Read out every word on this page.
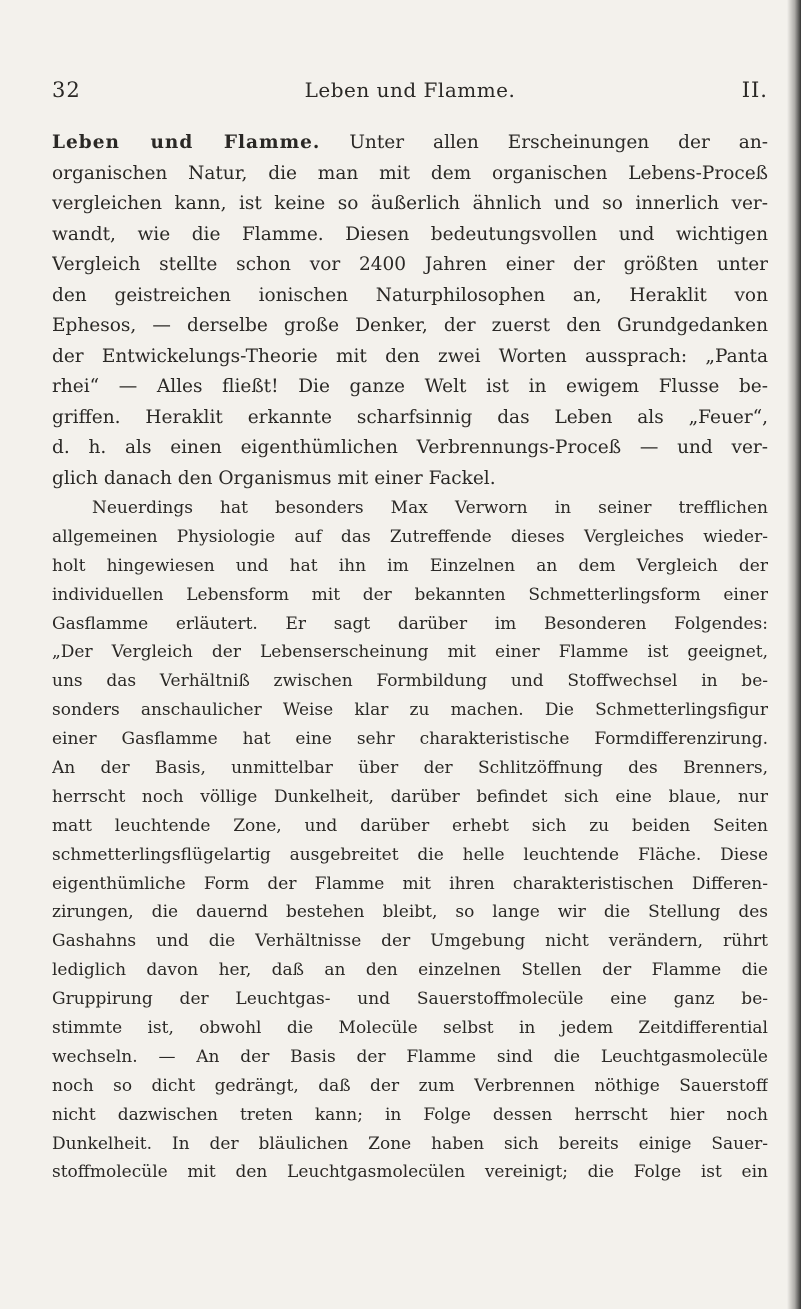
32	Leben und Flamme.	II.
Leben und Flamme. Unter allen Erscheinungen der an-
organischen Natur, die man mit dem organischen Lebens-Proceß
vergleichen kann, ist keine so äußerlich ähnlich und so innerlich ver-
wandt, wie die Flamme. Diesen bedeutungsvollen und wichtigen
Vergleich stellte schon vor 2400 Jahren einer der größten unter
den geistreichen ionischen Naturphilosophen an, Heraklit von
Ephesos, — derselbe große Denker, der zuerst den Grundgedanken
der Entwickelungs-Theorie mit den zwei Worten aussprach: „Panta
rhei“ — Alles fließt! Die ganze Welt ist in ewigem Flusse be-
griffen. Heraklit erkannte scharfsinnig das Leben als „Feuer“,
d. h. als einen eigenthümlichen Verbrennungs-Proceß — und ver-
glich danach den Organismus mit einer Fackel.
Neuerdings hat besonders Max Verworn in seiner trefflichen
allgemeinen Physiologie auf das Zutreffende dieses Vergleiches wieder-
holt hingewiesen und hat ihn im Einzelnen an dem Vergleich der
individuellen Lebensform mit der bekannten Schmetterlingsform einer
Gasflamme erläutert. Er sagt darüber im Besonderen Folgendes:
„Der Vergleich der Lebenserscheinung mit einer Flamme ist geeignet,
uns das Verhältniß zwischen Formbildung und Stoffwechsel in be-
sonders anschaulicher Weise klar zu machen. Die Schmetterlingsfigur
einer Gasflamme hat eine sehr charakteristische Formdifferenzirung.
An der Basis, unmittelbar über der Schlitzöffnung des Brenners,
herrscht noch völlige Dunkelheit, darüber befindet sich eine blaue, nur
matt leuchtende Zone, und darüber erhebt sich zu beiden Seiten
schmetterlingsflügelartig ausgebreitet die helle leuchtende Fläche. Diese
eigenthümliche Form der Flamme mit ihren charakteristischen Differen-
zirungen, die dauernd bestehen bleibt, so lange wir die Stellung des
Gashahns und die Verhältnisse der Umgebung nicht verändern, rührt
lediglich davon her, daß an den einzelnen Stellen der Flamme die
Gruppirung der Leuchtgas- und Sauerstoffmolecüle eine ganz be-
stimmte ist, obwohl die Molecüle selbst in jedem Zeitdifferential
wechseln. — An der Basis der Flamme sind die Leuchtgasmolecüle
noch so dicht gedrängt, daß der zum Verbrennen nöthige Sauerstoff
nicht dazwischen treten kann; in Folge dessen herrscht hier noch
Dunkelheit. In der bläulichen Zone haben sich bereits einige Sauer-
stoffmolecüle mit den Leuchtgasmolecülen vereinigt; die Folge ist ein
